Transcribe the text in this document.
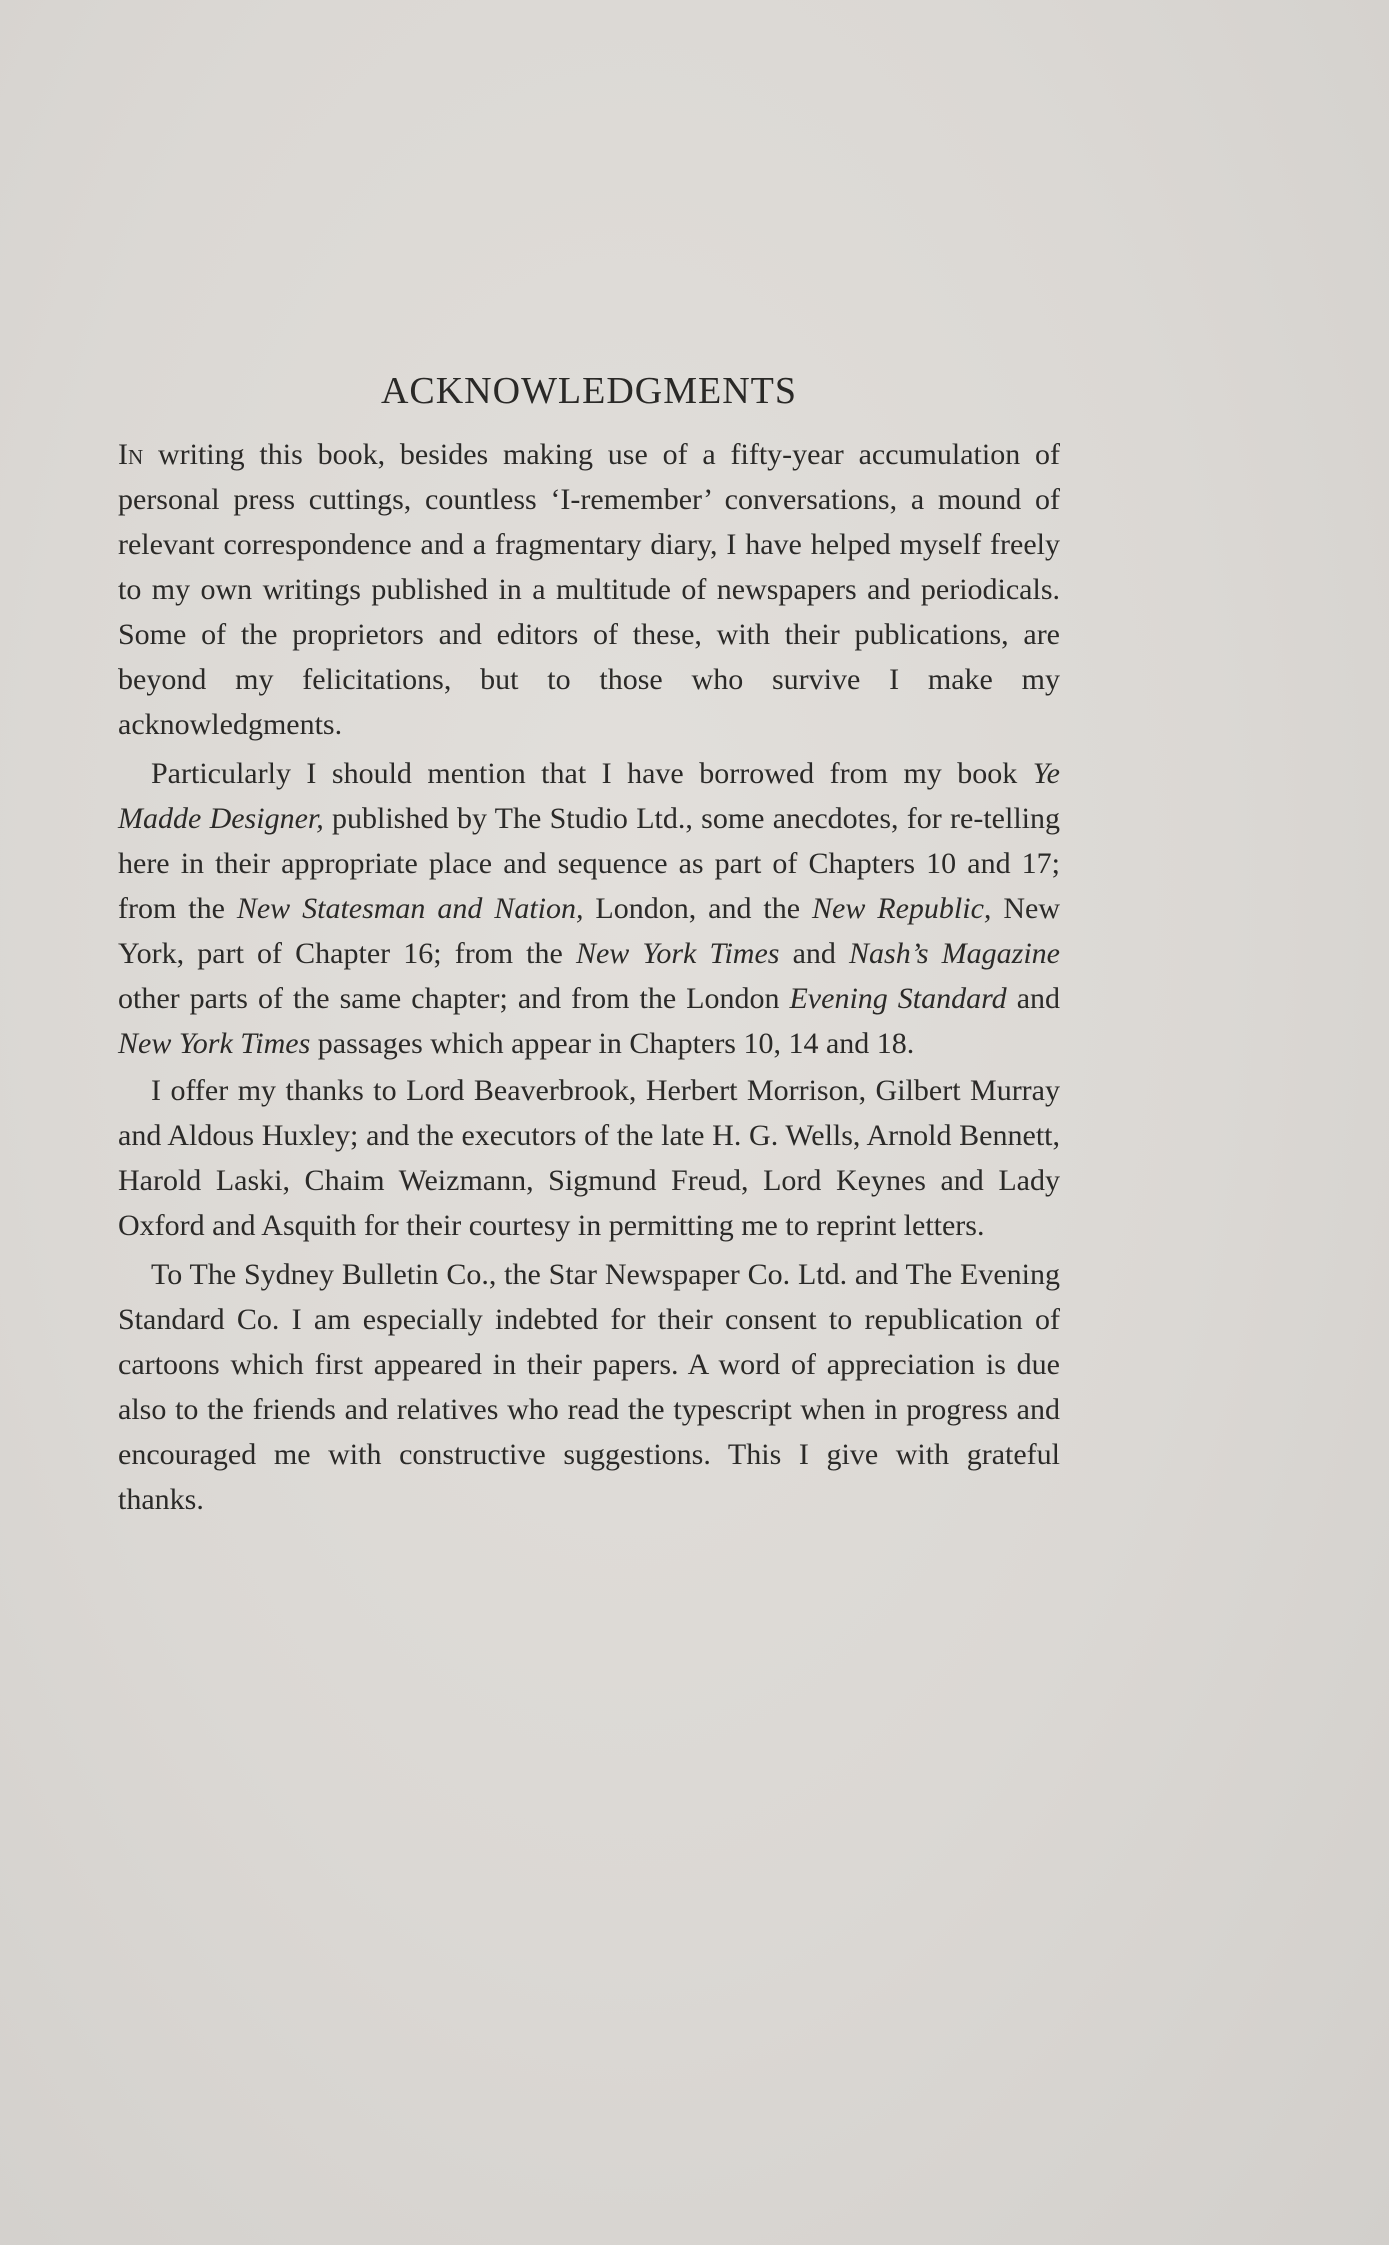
ACKNOWLEDGMENTS

In writing this book, besides making use of a fifty-year accumulation of personal press cuttings, countless ‘I-remember’ conversations, a mound of relevant correspondence and a fragmentary diary, I have helped myself freely to my own writings published in a multitude of newspapers and periodicals. Some of the proprietors and editors of these, with their publications, are beyond my felicitations, but to those who survive I make my acknowledgments.

Particularly I should mention that I have borrowed from my book Ye Madde Designer, published by The Studio Ltd., some anecdotes, for re-telling here in their appropriate place and sequence as part of Chapters 10 and 17; from the New Statesman and Nation, London, and the New Republic, New York, part of Chapter 16; from the New York Times and Nash’s Magazine other parts of the same chapter; and from the London Evening Standard and New York Times passages which appear in Chapters 10, 14 and 18.

I offer my thanks to Lord Beaverbrook, Herbert Morrison, Gilbert Murray and Aldous Huxley; and the executors of the late H. G. Wells, Arnold Bennett, Harold Laski, Chaim Weizmann, Sigmund Freud, Lord Keynes and Lady Oxford and Asquith for their courtesy in permitting me to reprint letters.

To The Sydney Bulletin Co., the Star Newspaper Co. Ltd. and The Evening Standard Co. I am especially indebted for their consent to republication of cartoons which first appeared in their papers. A word of appreciation is due also to the friends and relatives who read the typescript when in progress and encouraged me with constructive suggestions. This I give with grateful thanks.
